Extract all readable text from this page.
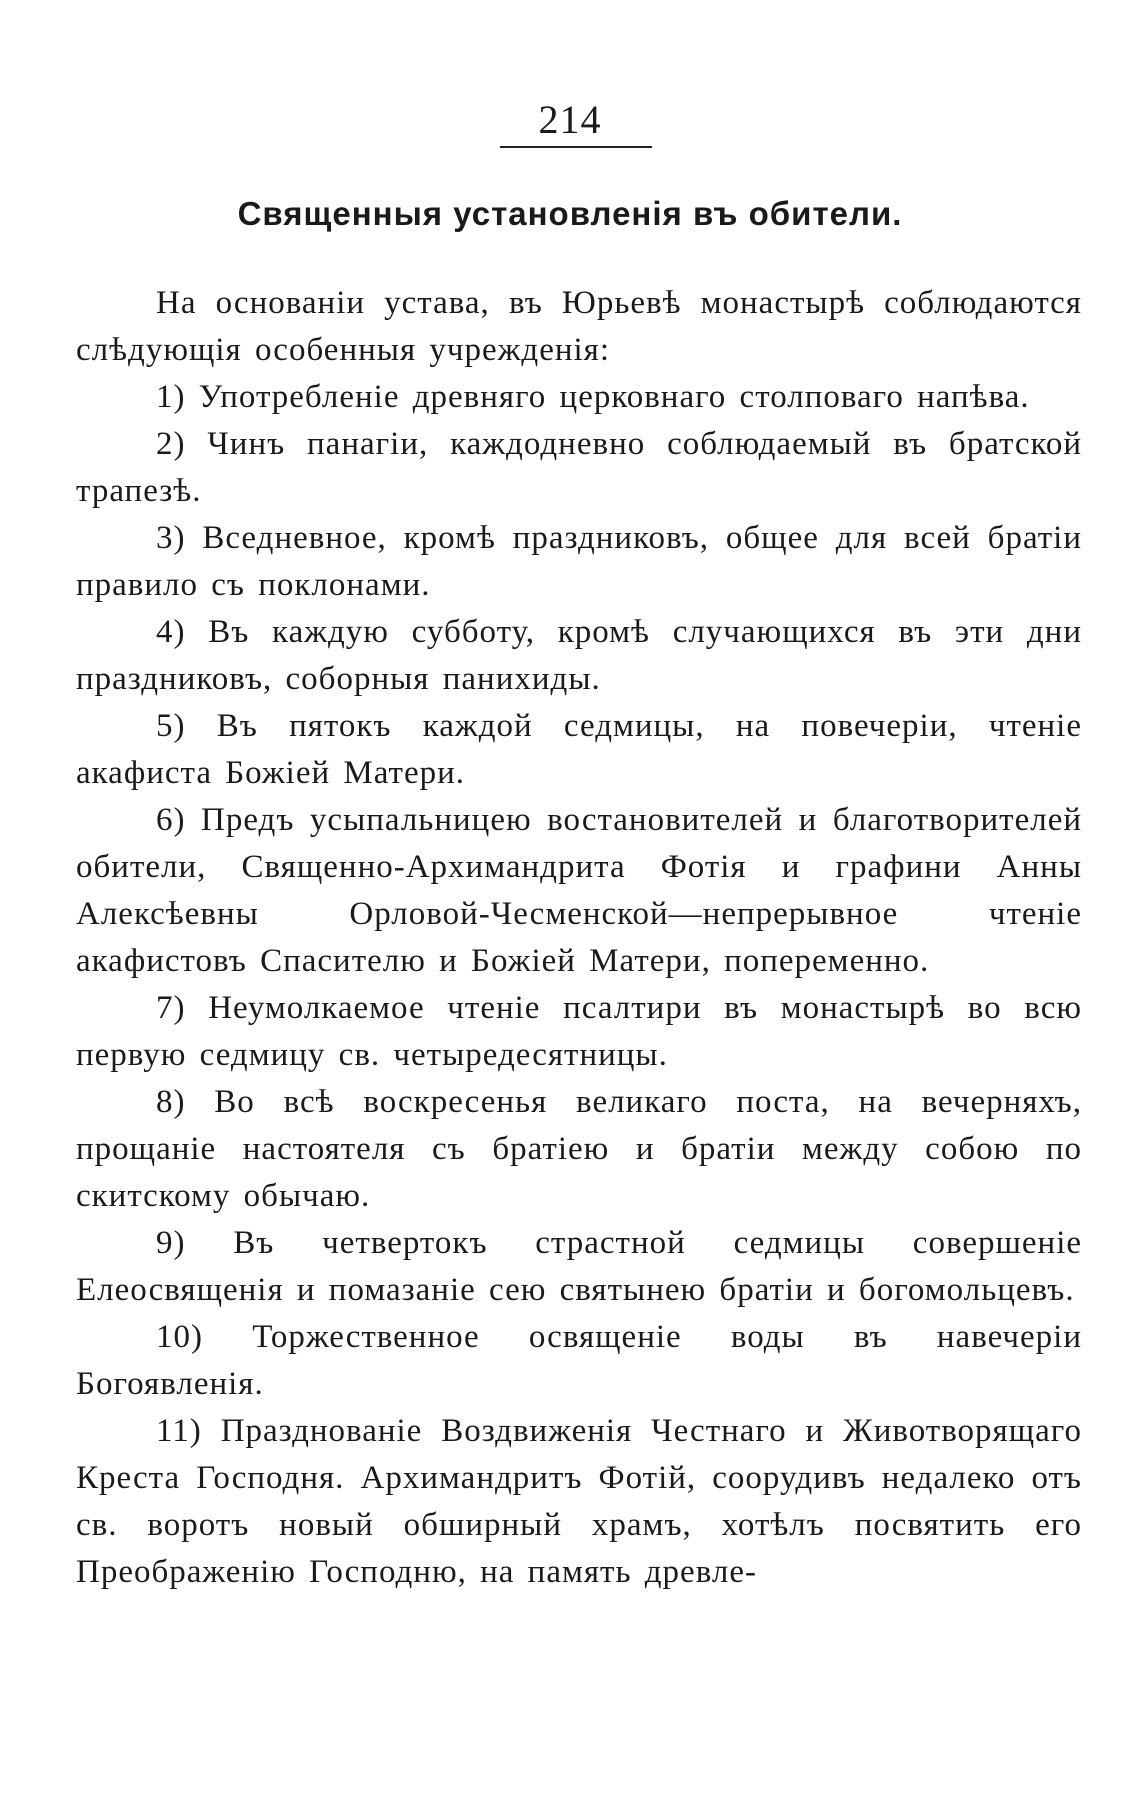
214
Священныя установленія въ обители.

На основаніи устава, въ Юрьевѣ монастырѣ соблюдаются слѣдующія особенныя учрежденія:

1) Употребленіе древняго церковнаго столповаго напѣва.

2) Чинъ панагіи, каждодневно соблюдаемый въ братской трапезѣ.

3) Вседневное, кромѣ праздниковъ, общее для всей братіи правило съ поклонами.

4) Въ каждую субботу, кромѣ случающихся въ эти дни праздниковъ, соборныя панихиды.

5) Въ пятокъ каждой седмицы, на повечеріи, чтеніе акафиста Божіей Матери.

6) Предъ усыпальницею востановителей и благотворителей обители, Священно-Архимандрита Фотія и графини Анны Алексѣевны Орловой-Чесменской—непрерывное чтеніе акафистовъ Спасителю и Божіей Матери, попеременно.

7) Неумолкаемое чтеніе псалтири въ монастырѣ во всю первую седмицу св. четыредесятницы.

8) Во всѣ воскресенья великаго поста, на вечерняхъ, прощаніе настоятеля съ братіею и братіи между собою по скитскому обычаю.

9) Въ четвертокъ страстной седмицы совершеніе Елеосвященія и помазаніе сею святынею братіи и богомольцевъ.

10) Торжественное освященіе воды въ навечеріи Богоявленія.

11) Празднованіе Воздвиженія Честнаго и Животворящаго Креста Господня. Архимандритъ Фотій, соорудивъ недалеко отъ св. воротъ новый обширный храмъ, хотѣлъ посвятить его Преображенію Господню, на память древле-
